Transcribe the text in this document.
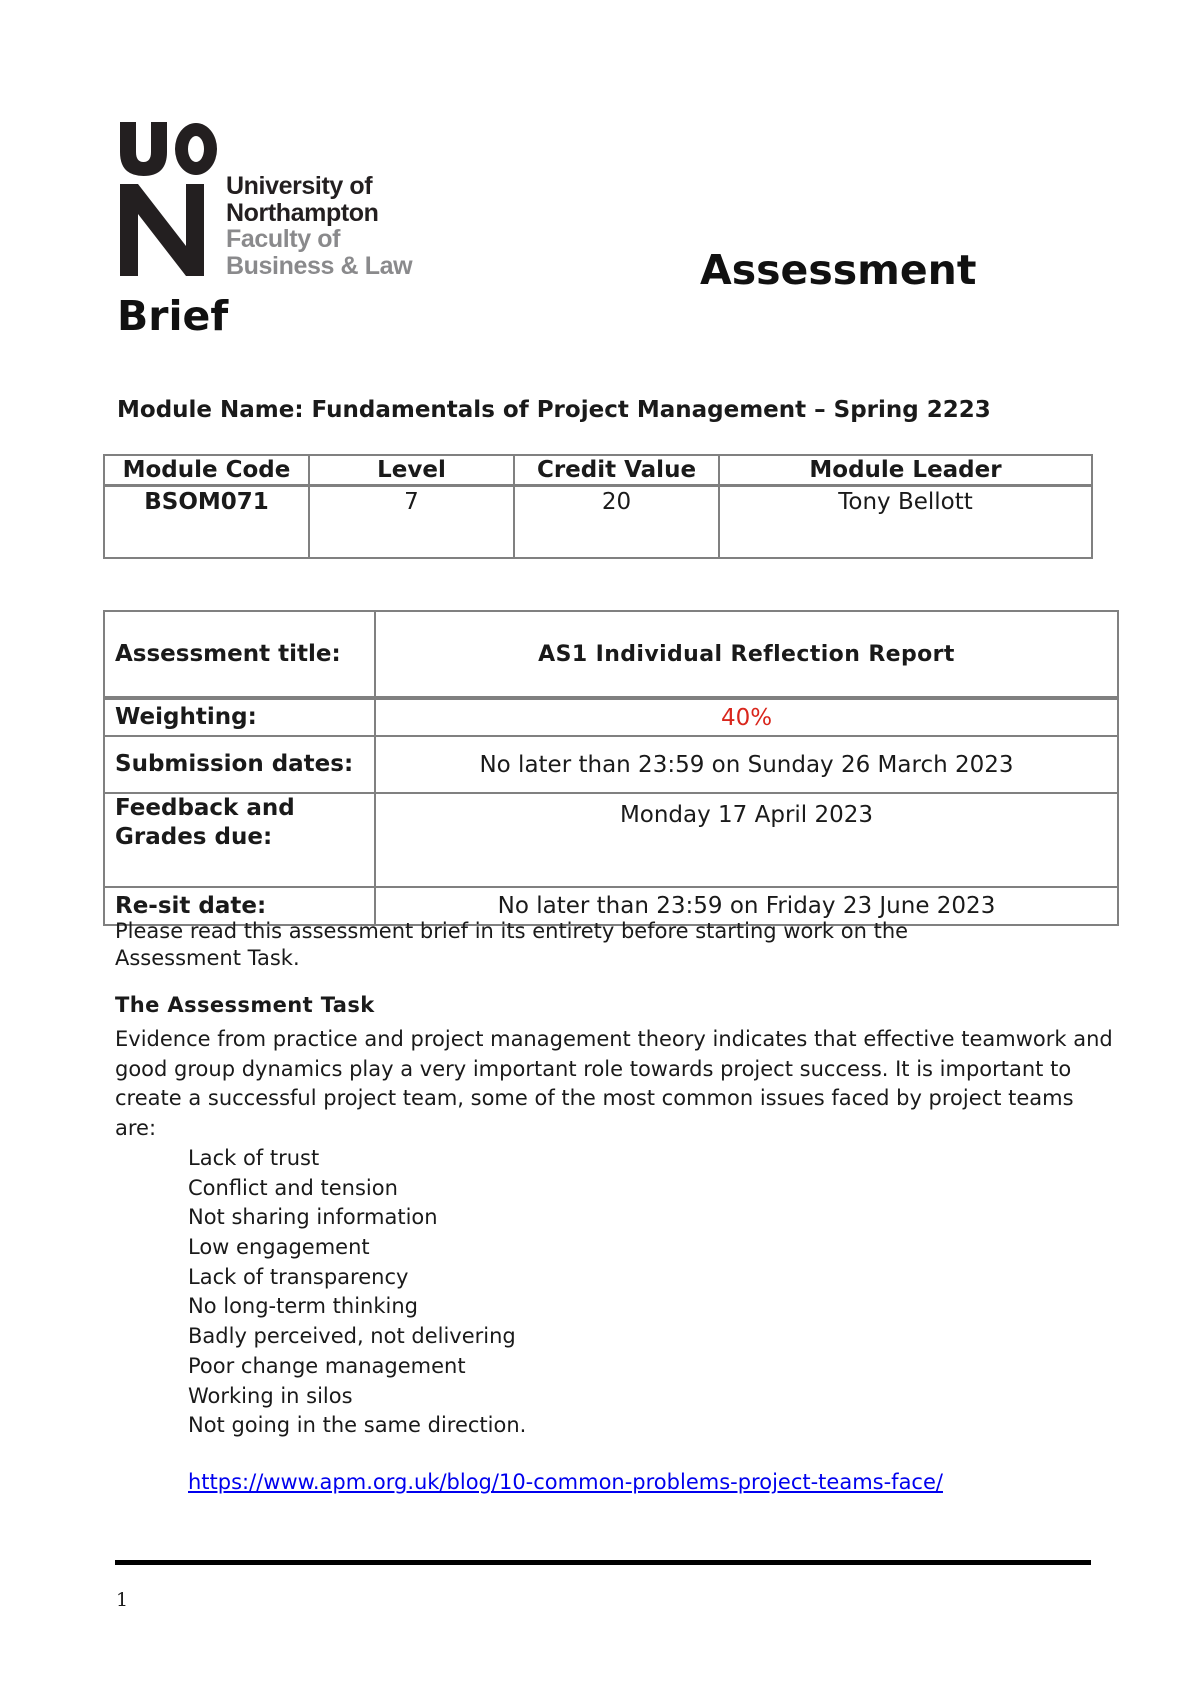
University of
Northampton
Faculty of
Business & Law	Assessment
Brief
Module Name: Fundamentals of Project Management – Spring 2223
Module Code	Level	Credit Value	Module Leader
BSOM071	7	20	Tony Bellott
Assessment title:	AS1 Individual Reflection Report
Weighting:	40%
Submission dates:	No later than 23:59 on Sunday 26 March 2023
Feedback and Grades due:	Monday 17 April 2023
Re-sit date:	No later than 23:59 on Friday 23 June 2023
Please read this assessment brief in its entirety before starting work on the Assessment Task.
The Assessment Task
Evidence from practice and project management theory indicates that effective teamwork and good group dynamics play a very important role towards project success. It is important to create a successful project team, some of the most common issues faced by project teams are:
Lack of trust
Conflict and tension
Not sharing information
Low engagement
Lack of transparency
No long-term thinking
Badly perceived, not delivering
Poor change management
Working in silos
Not going in the same direction.
https://www.apm.org.uk/blog/10-common-problems-project-teams-face/
1
